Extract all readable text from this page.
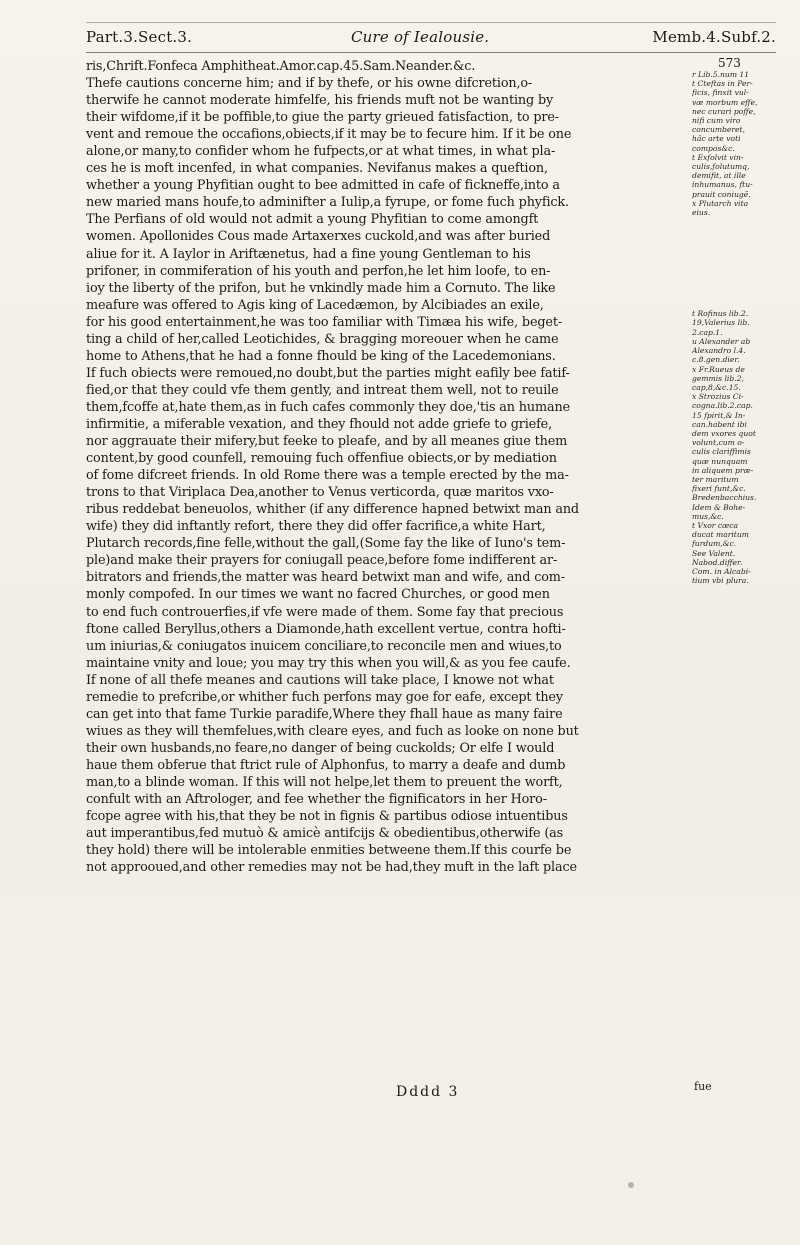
Part.3.Sect.3.	Cure of Iealousie.	Memb.4.Subf.2.
573
ris,Chrift.Fonfeca Amphitheat.Amor.cap.45.Sam.Neander.&c.
Thefe cautions concerne him; and if by thefe, or his owne difcretion,o-
therwife he cannot moderate himfelfe, his friends muft not be wanting by
their wifdome,if it be poffible,to giue the party grieued fatisfaction, to pre-
vent and remoue the occafions,obiects,if it may be to fecure him. If it be one
alone,or many,to confider whom he fufpects,or at what times, in what pla-
ces he is moft incenfed, in what companies. Nevifanus makes a queftion,
whether a young Phyfitian ought to bee admitted in cafe of fickneffe,into a
new maried mans houfe,to adminifter a Iulip,a fyrupe, or fome fuch phyfick.
The Perfians of old would not admit a young Phyfitian to come amongft
women. Apollonides Cous made Artaxerxes cuckold,and was after buried
aliue for it. A Iaylor in Ariftænetus, had a fine young Gentleman to his
prifoner, in commiferation of his youth and perfon,he let him loofe, to en-
ioy the liberty of the prifon, but he vnkindly made him a Cornuto. The like
meafure was offered to Agis king of Lacedæmon, by Alcibiades an exile,
for his good entertainment,he was too familiar with Timæa his wife, beget-
ting a child of her,called Leotichides, & bragging moreouer when he came
home to Athens,that he had a fonne fhould be king of the Lacedemonians.
If fuch obiects were remoued,no doubt,but the parties might eafily bee fatif-
fied,or that they could vfe them gently, and intreat them well, not to reuile
them,fcoffe at,hate them,as in fuch cafes commonly they doe,'tis an humane
infirmitie, a miferable vexation, and they fhould not adde griefe to griefe,
nor aggrauate their mifery,but feeke to pleafe, and by all meanes giue them
content,by good counfell, remouing fuch offenfiue obiects,or by mediation
of fome difcreet friends. In old Rome there was a temple erected by the ma-
trons to that Viriplaca Dea,another to Venus verticorda, quæ maritos vxo-
ribus reddebat beneuolos, whither (if any difference hapned betwixt man and
wife) they did inftantly refort, there they did offer facrifice,a white Hart,
Plutarch records,fine felle,without the gall,(Some fay the like of Iuno's tem-
ple)and make their prayers for coniugall peace,before fome indifferent ar-
bitrators and friends,the matter was heard betwixt man and wife, and com-
monly compofed. In our times we want no facred Churches, or good men
to end fuch controuerfies,if vfe were made of them. Some fay that precious
ftone called Beryllus,others a Diamonde,hath excellent vertue, contra hofti-
um iniurias,& coniugatos inuicem conciliare,to reconcile men and wiues,to
maintaine vnity and loue; you may try this when you will,& as you fee caufe.
If none of all thefe meanes and cautions will take place, I knowe not what
remedie to prefcribe,or whither fuch perfons may goe for eafe, except they
can get into that fame Turkie paradife,Where they fhall haue as many faire
wiues as they will themfelues,with cleare eyes, and fuch as looke on none but
their own husbands,no feare,no danger of being cuckolds; Or elfe I would
haue them obferue that ftrict rule of Alphonfus, to marry a deafe and dumb
man,to a blinde woman. If this will not helpe,let them to preuent the worft,
confult with an Aftrologer, and fee whether the fignificators in her Horo-
fcope agree with his,that they be not in fignis & partibus odiose intuentibus
aut imperantibus,fed mutuò & amicè antifcijs & obedientibus,otherwife (as
they hold) there will be intolerable enmities betweene them.If this courfe be
not approoued,and other remedies may not be had,they muft in the laft place
r Lib.5.num 11
t Cteftas in Per-
ficis, finxit vul-
væ morbum effe,
nec curari poffe,
nifi cum viro
concumberet,
hâc arte voti
compos&c.
t Exfolvit vin-
culis,folutumq,
demifit, at ille
inhumanus, ftu-
prauit coniugẽ.
x Plutarch vita
eius.

t Rofinus lib.2.
19,Valerius lib.
2.cap.1.
u Alexander ab
Alexandro l.4.
c.8.gen.dier.
x Fr.Rueus de
gemmis lib.2,
cap,8,&c.15.
x Strozius Ci-
cogna.lib.2.cap.
15 fpirit,& In-
can.habent ibi
dem vxores quot
volunt,cum o-
culis clariffimis
quæ nunquam
in aliquem præ-
ter maritum
fixeri funt,&c.
Bredenbacchius.
Idem & Bohe-
mus,&c.
t Vxor cæca
ducat maritum
furdum,&c.
See Valent.
Nabod.differ.
Com. in Alcabi-
tium vbi plura.
Dddd 3	fue
